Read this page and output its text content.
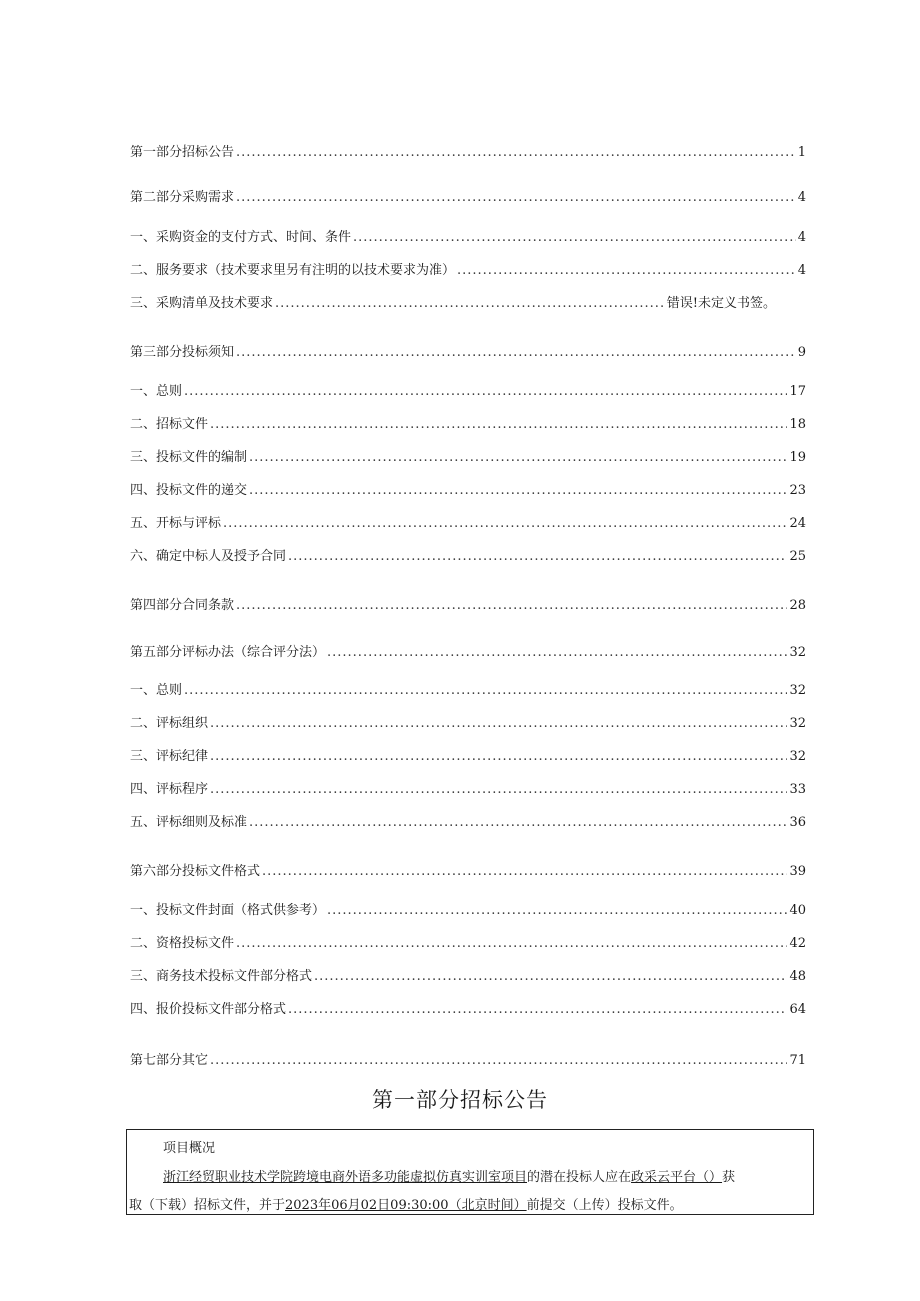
第一部分招标公告 .....	1
第二部分采购需求 .....	4
一、采购资金的支付方式、时间、条件 .....	4
二、服务要求（技术要求里另有注明的以技术要求为准） .....	4
三、采购清单及技术要求 .....	错误!未定义书签。
第三部分投标须知 .....	9
一、总则 .....	17
二、招标文件 .....	18
三、投标文件的编制 .....	19
四、投标文件的递交 .....	23
五、开标与评标 .....	24
六、确定中标人及授予合同 .....	25
第四部分合同条款 .....	28
第五部分评标办法（综合评分法） .....	32
一、总则 .....	32
二、评标组织 .....	32
三、评标纪律 .....	32
四、评标程序 .....	33
五、评标细则及标准 .....	36
第六部分投标文件格式 .....	39
一、投标文件封面（格式供参考） .....	40
二、资格投标文件 .....	42
三、商务技术投标文件部分格式 .....	48
四、报价投标文件部分格式 .....	64
第七部分其它 .....	71
第一部分招标公告
项目概况
浙江经贸职业技术学院跨境电商外语多功能虚拟仿真实训室项目的潜在投标人应在政采云平台（）获
取（下载）招标文件，并于2023年06月02日09:30:00（北京时间）前提交（上传）投标文件。
